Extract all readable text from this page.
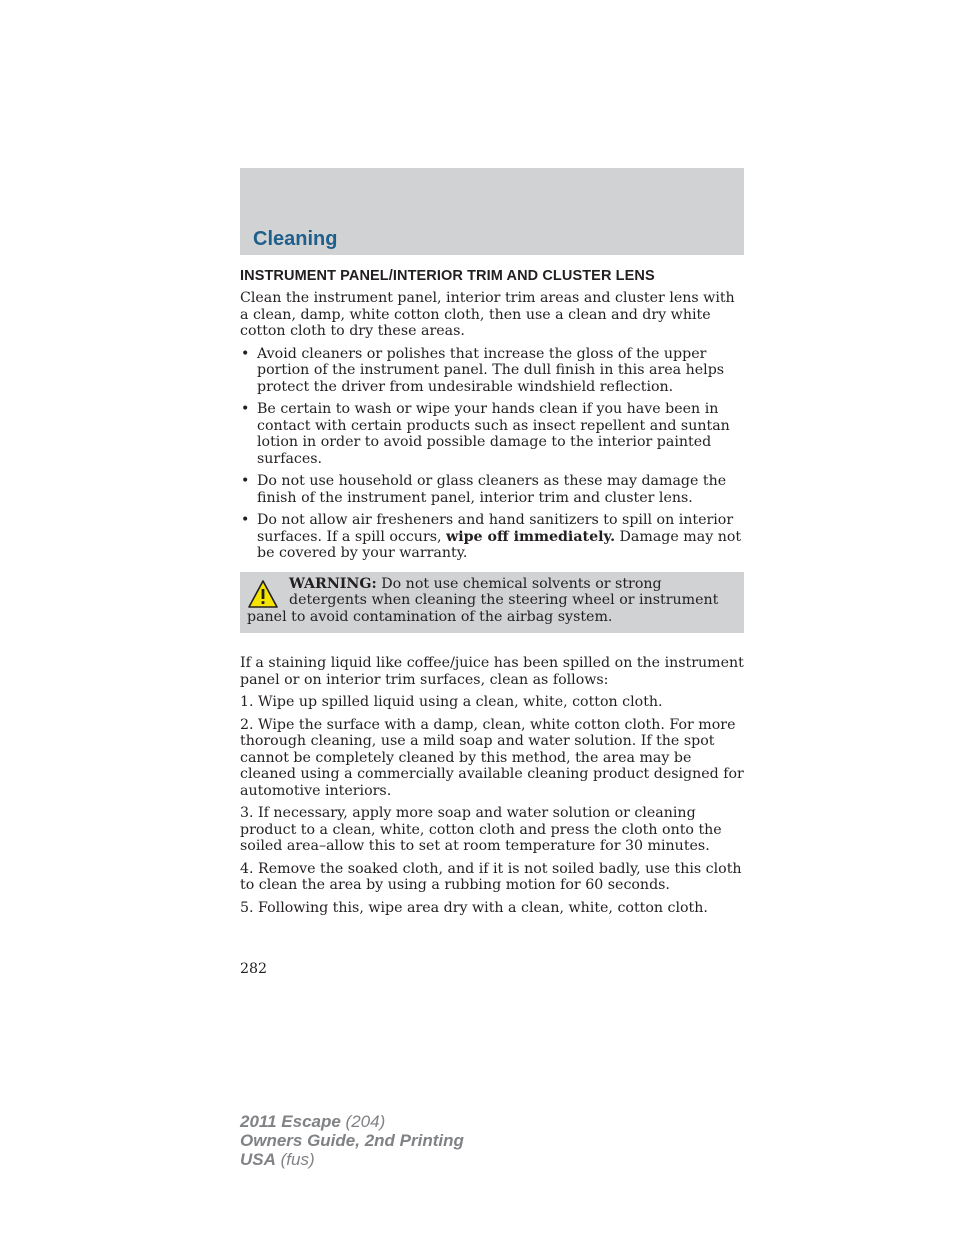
Cleaning
INSTRUMENT PANEL/INTERIOR TRIM AND CLUSTER LENS

Clean the instrument panel, interior trim areas and cluster lens with a clean, damp, white cotton cloth, then use a clean and dry white cotton cloth to dry these areas.

• Avoid cleaners or polishes that increase the gloss of the upper portion of the instrument panel. The dull finish in this area helps protect the driver from undesirable windshield reflection.
• Be certain to wash or wipe your hands clean if you have been in contact with certain products such as insect repellent and suntan lotion in order to avoid possible damage to the interior painted surfaces.
• Do not use household or glass cleaners as these may damage the finish of the instrument panel, interior trim and cluster lens.
• Do not allow air fresheners and hand sanitizers to spill on interior surfaces. If a spill occurs, wipe off immediately. Damage may not be covered by your warranty.
WARNING: Do not use chemical solvents or strong detergents when cleaning the steering wheel or instrument panel to avoid contamination of the airbag system.

If a staining liquid like coffee/juice has been spilled on the instrument panel or on interior trim surfaces, clean as follows:

1. Wipe up spilled liquid using a clean, white, cotton cloth.

2. Wipe the surface with a damp, clean, white cotton cloth. For more thorough cleaning, use a mild soap and water solution. If the spot cannot be completely cleaned by this method, the area may be cleaned using a commercially available cleaning product designed for automotive interiors.

3. If necessary, apply more soap and water solution or cleaning product to a clean, white, cotton cloth and press the cloth onto the soiled area–allow this to set at room temperature for 30 minutes.

4. Remove the soaked cloth, and if it is not soiled badly, use this cloth to clean the area by using a rubbing motion for 60 seconds.

5. Following this, wipe area dry with a clean, white, cotton cloth.

282
2011 Escape (204)
Owners Guide, 2nd Printing
USA (fus)
